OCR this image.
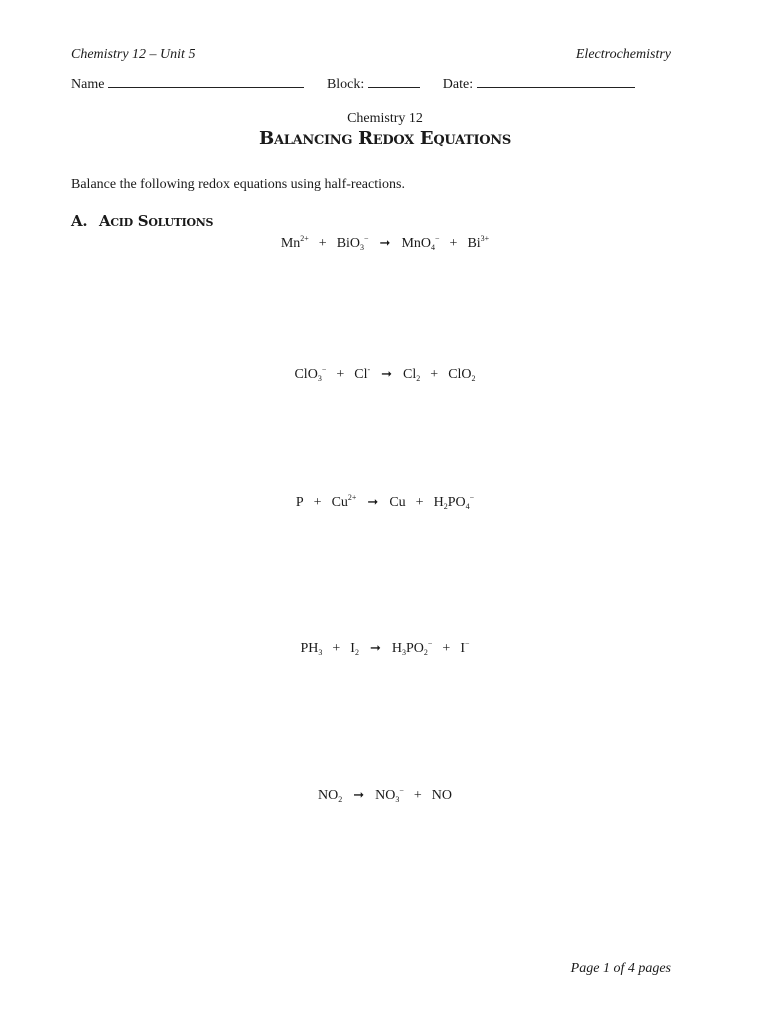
Chemistry 12 – Unit 5	Electrochemistry
Name	Block:	Date:
Chemistry 12
Balancing Redox Equations
Balance the following redox equations using half-reactions.
A. Acid Solutions
$Mn^{2+} + BiO_3^-$ ➞ $MnO_4^- + Bi^{3+}$
ClO$_3$− + Cl- ➞ $Cl_2 + ClO_2$
$P + Cu^{2+}$ ➞ $Cu + H_2PO_4^-$
$PH_3 + I_2$ ➞ $H_3PO_2^- + I^-$
$NO_2$ ➞ $NO_3^-$ + NO
Page 1 of 4 pages
